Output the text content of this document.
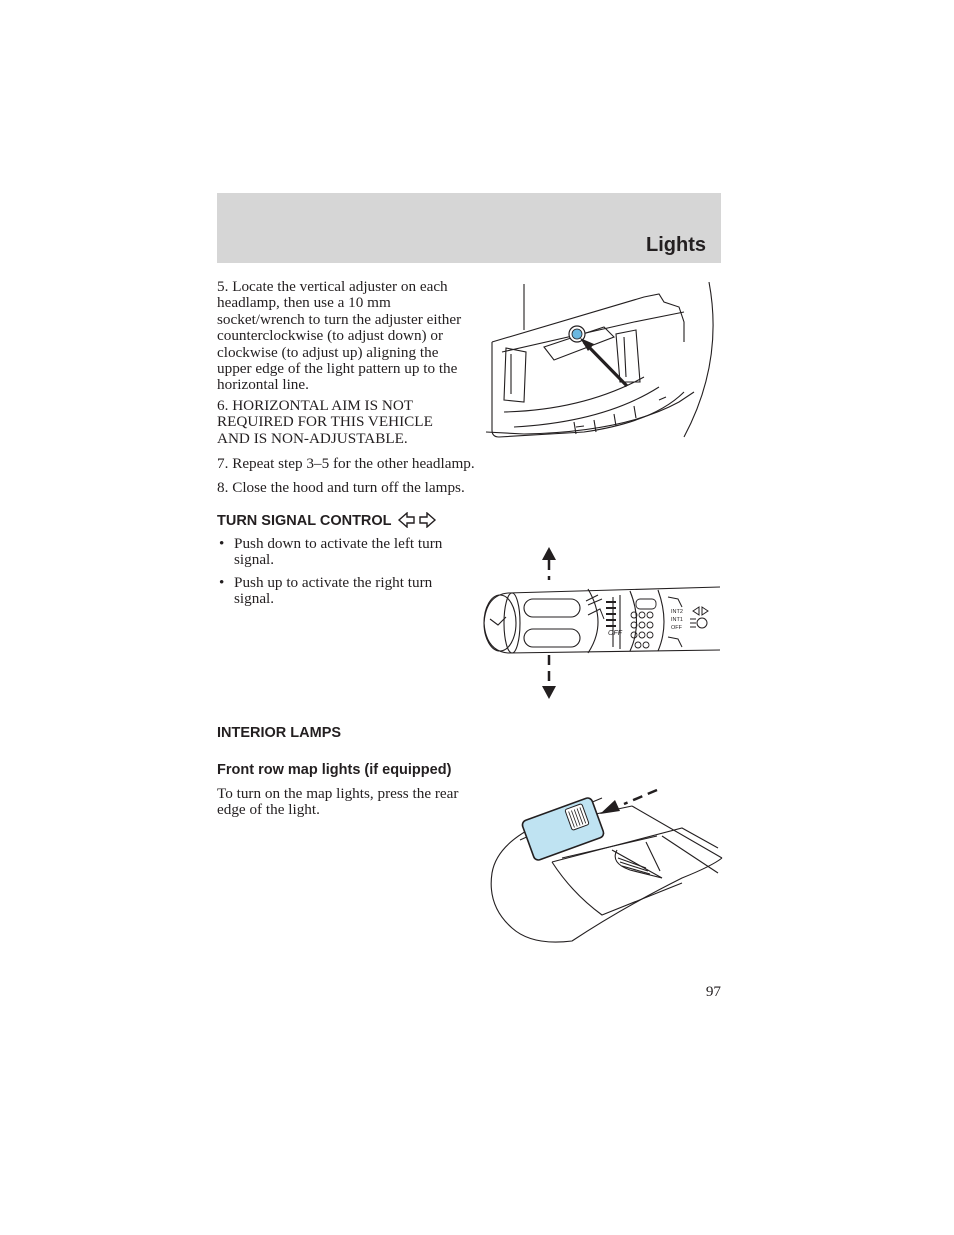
Lights

5. Locate the vertical adjuster on each headlamp, then use a 10 mm socket/wrench to turn the adjuster either counterclockwise (to adjust down) or clockwise (to adjust up) aligning the upper edge of the light pattern up to the horizontal line.

6. HORIZONTAL AIM IS NOT REQUIRED FOR THIS VEHICLE AND IS NON-ADJUSTABLE.

7. Repeat step 3–5 for the other headlamp.

8. Close the hood and turn off the lamps.

TURN SIGNAL CONTROL
• Push down to activate the left turn signal.
• Push up to activate the right turn signal.
OFF
INT2
INT1
OFF
INTERIOR LAMPS
Front row map lights (if equipped)

To turn on the map lights, press the rear edge of the light.

97
